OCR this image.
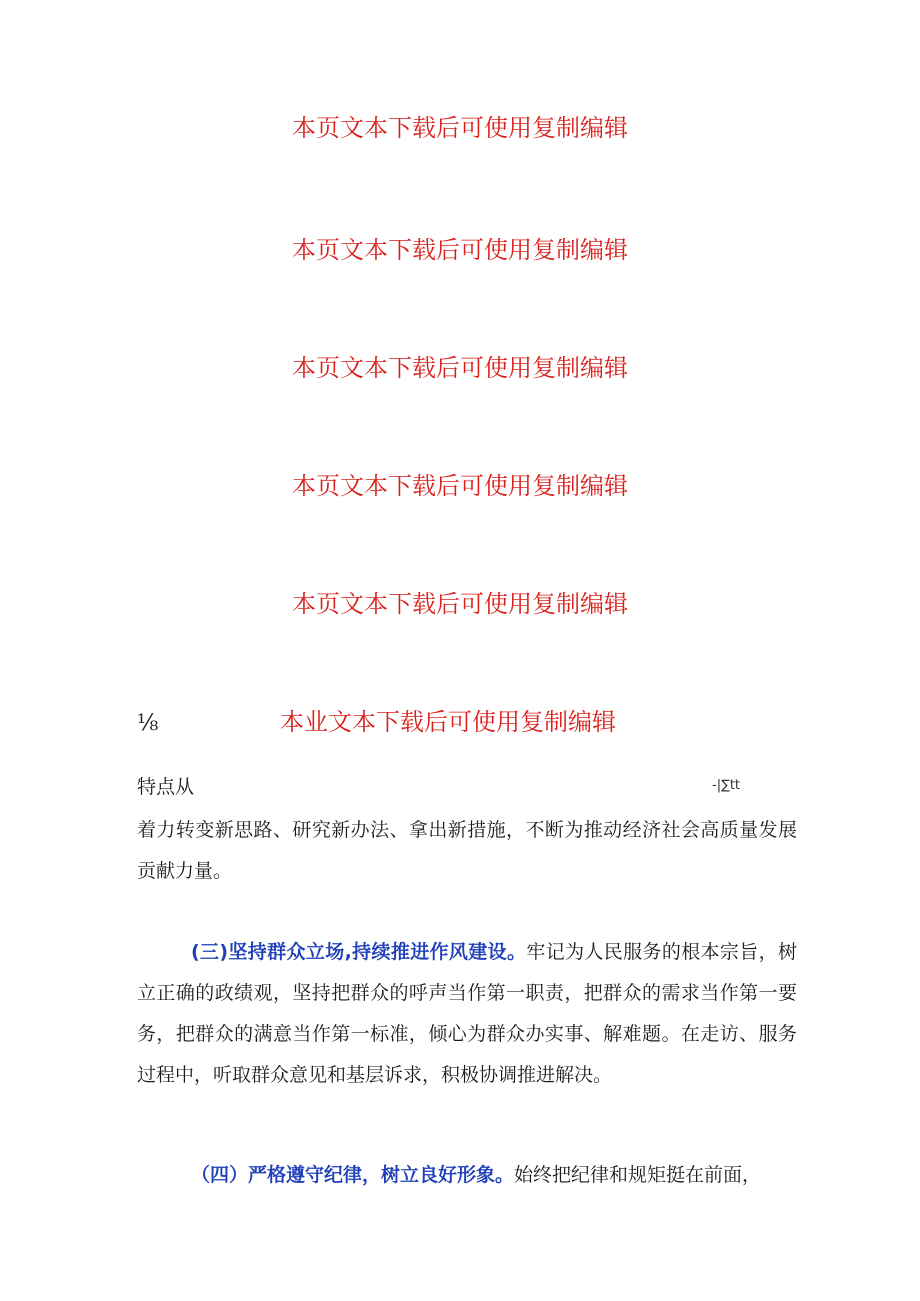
本页文本下载后可使用复制编辑
本页文本下载后可使用复制编辑
本页文本下载后可使用复制编辑
本页文本下载后可使用复制编辑
本页文本下载后可使用复制编辑
本业文本下载后可使用复制编辑
⅛
特点从	-|∑tt
着力转变新思路、研究新办法、拿出新措施，不断为推动经济社会高质量发展贡献力量。
(三)坚持群众立场,持续推进作风建设。牢记为人民服务的根本宗旨，树立正确的政绩观，坚持把群众的呼声当作第一职责，把群众的需求当作第一要务，把群众的满意当作第一标准，倾心为群众办实事、解难题。在走访、服务过程中，听取群众意见和基层诉求，积极协调推进解决。
（四）严格遵守纪律，树立良好形象。始终把纪律和规矩挺在前面，
